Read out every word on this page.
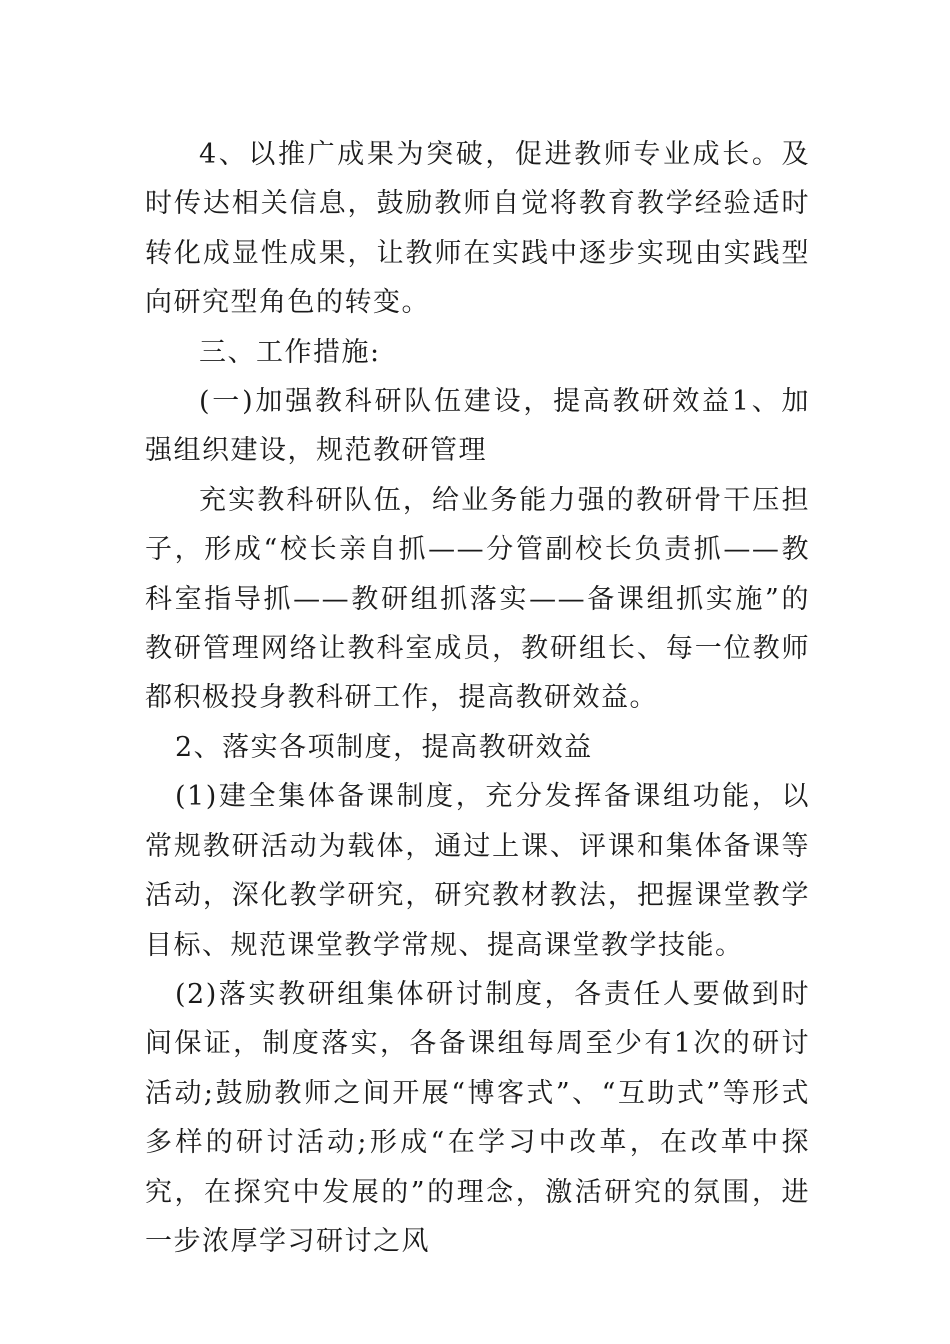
4、以推广成果为突破，促进教师专业成长。及时传达相关信息，鼓励教师自觉将教育教学经验适时转化成显性成果，让教师在实践中逐步实现由实践型向研究型角色的转变。

三、工作措施:

(一)加强教科研队伍建设，提高教研效益1、加强组织建设，规范教研管理

充实教科研队伍，给业务能力强的教研骨干压担子，形成“校长亲自抓——分管副校长负责抓——教科室指导抓——教研组抓落实——备课组抓实施”的教研管理网络让教科室成员，教研组长、每一位教师都积极投身教科研工作，提高教研效益。

2、落实各项制度，提高教研效益

(1)建全集体备课制度，充分发挥备课组功能，以常规教研活动为载体，通过上课、评课和集体备课等活动，深化教学研究，研究教材教法，把握课堂教学目标、规范课堂教学常规、提高课堂教学技能。

(2)落实教研组集体研讨制度，各责任人要做到时间保证，制度落实，各备课组每周至少有1次的研讨活动;鼓励教师之间开展“博客式”、“互助式”等形式多样的研讨活动;形成“在学习中改革，在改革中探究，在探究中发展的”的理念，激活研究的氛围，进一步浓厚学习研讨之风
